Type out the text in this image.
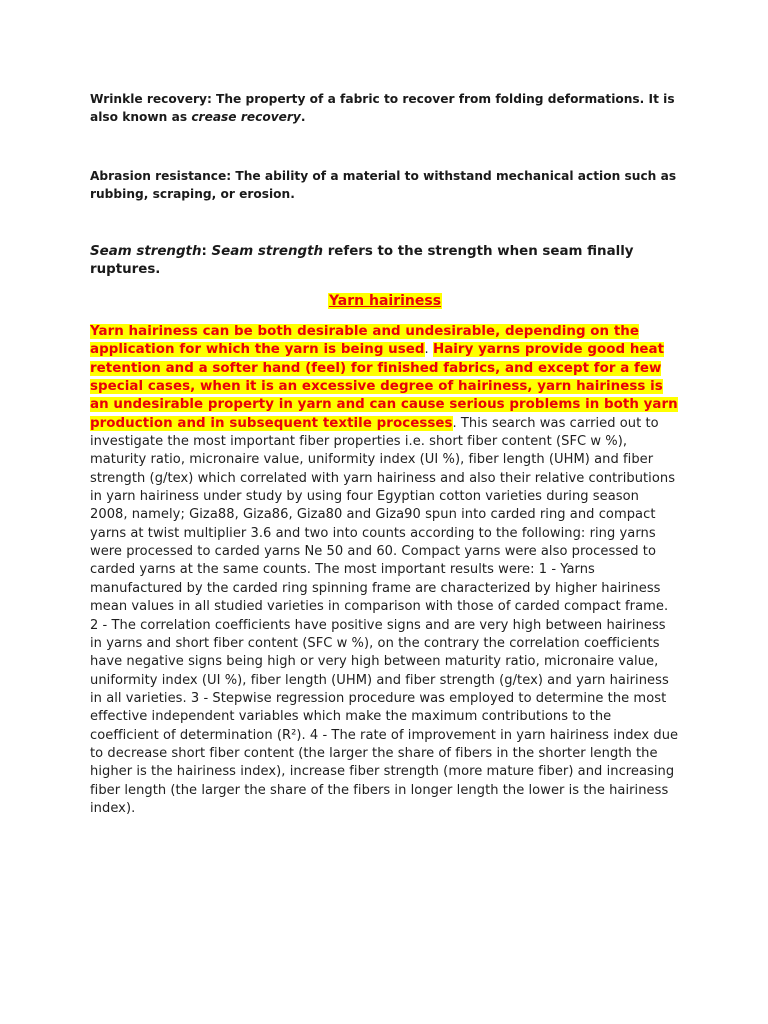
Wrinkle recovery: The property of a fabric to recover from folding deformations. It is also known as crease recovery.

Abrasion resistance: The ability of a material to withstand mechanical action such as rubbing, scraping, or erosion.

Seam strength: Seam strength refers to the strength when seam finally ruptures.

Yarn hairiness

Yarn hairiness can be both desirable and undesirable, depending on the application for which the yarn is being used. Hairy yarns provide good heat retention and a softer hand (feel) for finished fabrics, and except for a few special cases, when it is an excessive degree of hairiness, yarn hairiness is an undesirable property in yarn and can cause serious problems in both yarn production and in subsequent textile processes. This search was carried out to investigate the most important fiber properties i.e. short fiber content (SFC w %), maturity ratio, micronaire value, uniformity index (UI %), fiber length (UHM) and fiber strength (g/tex) which correlated with yarn hairiness and also their relative contributions in yarn hairiness under study by using four Egyptian cotton varieties during season 2008, namely; Giza88, Giza86, Giza80 and Giza90 spun into carded ring and compact yarns at twist multiplier 3.6 and two into counts according to the following: ring yarns were processed to carded yarns Ne 50 and 60. Compact yarns were also processed to carded yarns at the same counts. The most important results were: 1 - Yarns manufactured by the carded ring spinning frame are characterized by higher hairiness mean values in all studied varieties in comparison with those of carded compact frame. 2 - The correlation coefficients have positive signs and are very high between hairiness in yarns and short fiber content (SFC w %), on the contrary the correlation coefficients have negative signs being high or very high between maturity ratio, micronaire value, uniformity index (UI %), fiber length (UHM) and fiber strength (g/tex) and yarn hairiness in all varieties. 3 - Stepwise regression procedure was employed to determine the most effective independent variables which make the maximum contributions to the coefficient of determination (R²). 4 - The rate of improvement in yarn hairiness index due to decrease short fiber content (the larger the share of fibers in the shorter length the higher is the hairiness index), increase fiber strength (more mature fiber) and increasing fiber length (the larger the share of the fibers in longer length the lower is the hairiness index).
